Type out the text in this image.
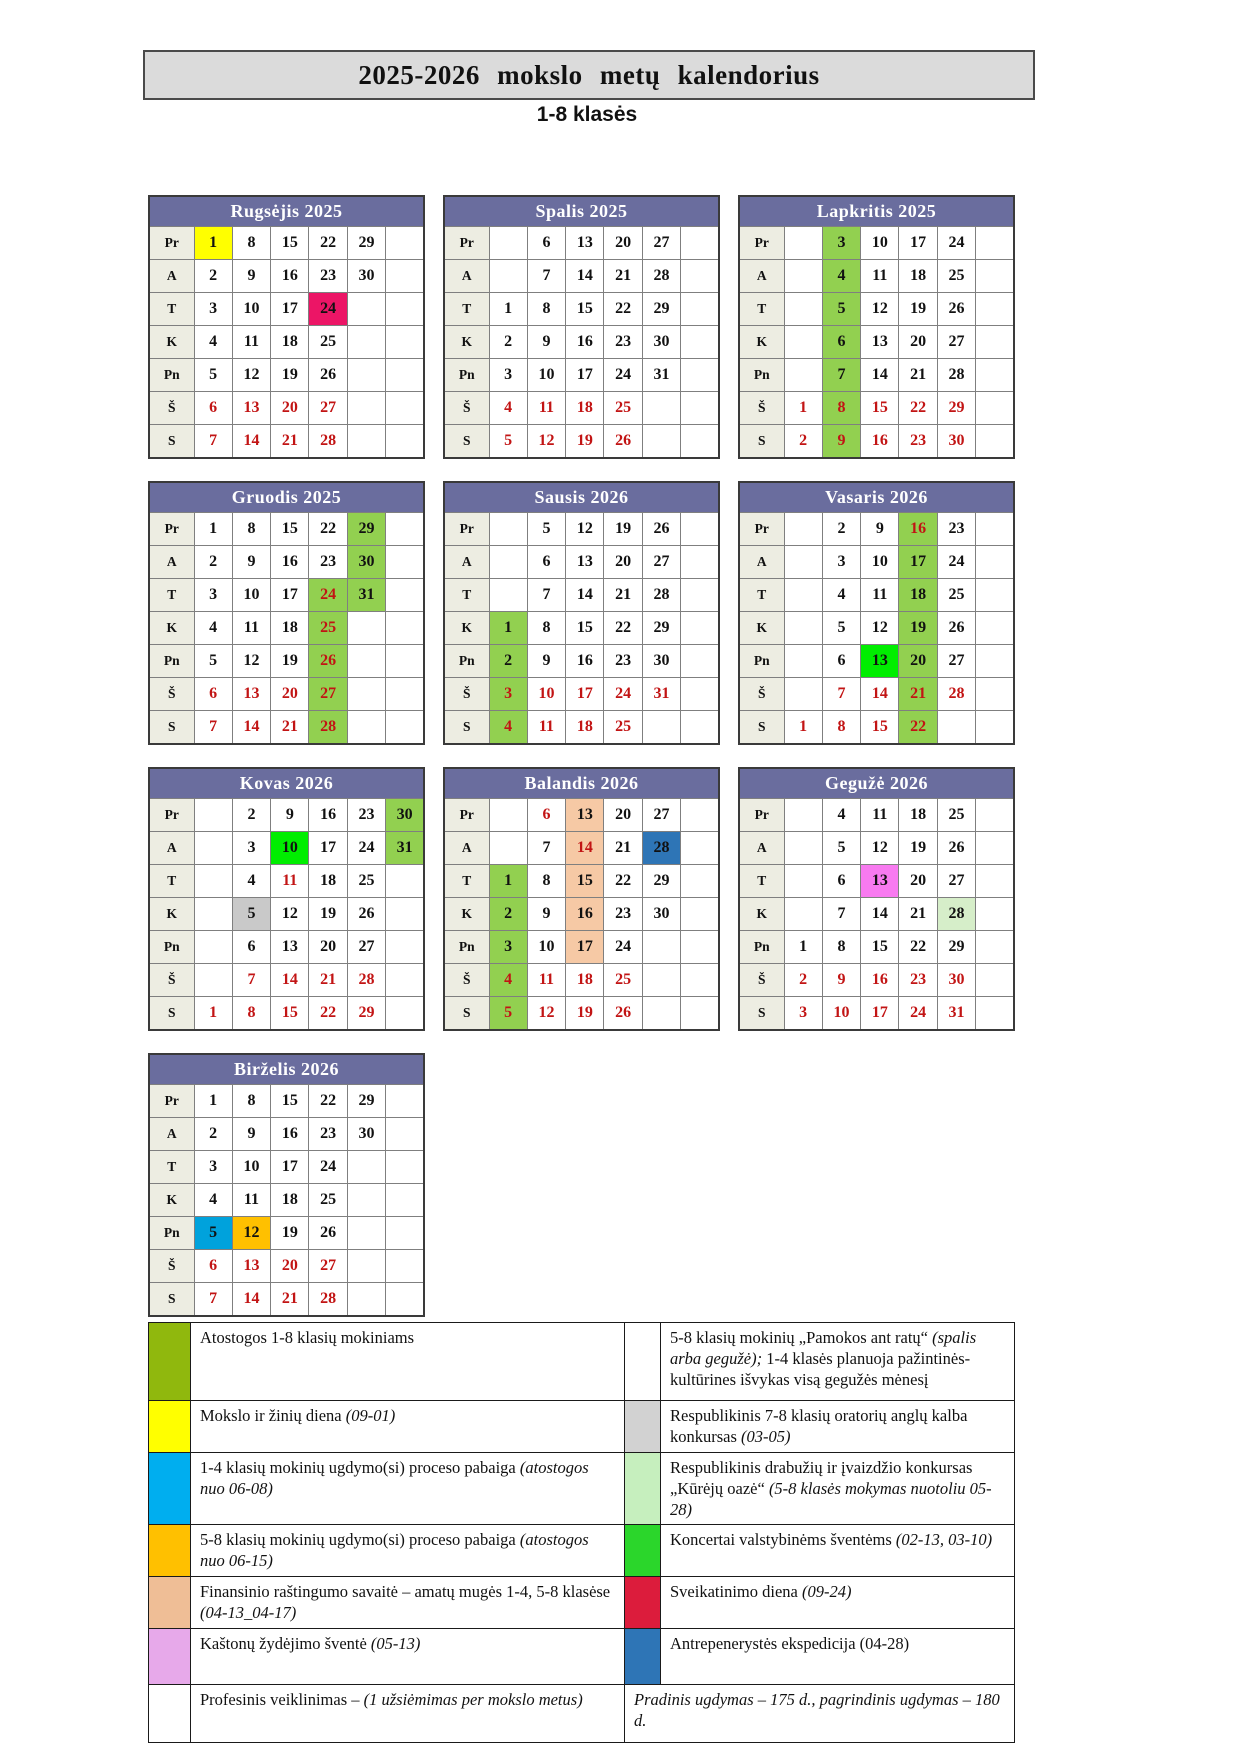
2025-2026 mokslo metų kalendorius
1-8 klasės
Rugsėjis 2025						
Pr	1	8	15	22	29	
A	2	9	16	23	30	
T	3	10	17	24		
K	4	11	18	25		
Pn	5	12	19	26		
Š	6	13	20	27		
S	7	14	21	28		
Spalis 2025						
Pr		6	13	20	27	
A		7	14	21	28	
T	1	8	15	22	29	
K	2	9	16	23	30	
Pn	3	10	17	24	31	
Š	4	11	18	25		
S	5	12	19	26		
Lapkritis 2025						
Pr		3	10	17	24	
A		4	11	18	25	
T		5	12	19	26	
K		6	13	20	27	
Pn		7	14	21	28	
Š	1	8	15	22	29	
S	2	9	16	23	30	
Gruodis 2025						
Pr	1	8	15	22	29	
A	2	9	16	23	30	
T	3	10	17	24	31	
K	4	11	18	25		
Pn	5	12	19	26		
Š	6	13	20	27		
S	7	14	21	28		
Sausis 2026						
Pr		5	12	19	26	
A		6	13	20	27	
T		7	14	21	28	
K	1	8	15	22	29	
Pn	2	9	16	23	30	
Š	3	10	17	24	31	
S	4	11	18	25		
Vasaris 2026						
Pr		2	9	16	23	
A		3	10	17	24	
T		4	11	18	25	
K		5	12	19	26	
Pn		6	13	20	27	
Š		7	14	21	28	
S	1	8	15	22		
Kovas 2026						
Pr		2	9	16	23	30
A		3	10	17	24	31
T		4	11	18	25	
K		5	12	19	26	
Pn		6	13	20	27	
Š		7	14	21	28	
S	1	8	15	22	29	
Balandis 2026						
Pr		6	13	20	27	
A		7	14	21	28	
T	1	8	15	22	29	
K	2	9	16	23	30	
Pn	3	10	17	24		
Š	4	11	18	25		
S	5	12	19	26		
Gegužė 2026						
Pr		4	11	18	25	
A		5	12	19	26	
T		6	13	20	27	
K		7	14	21	28	
Pn	1	8	15	22	29	
Š	2	9	16	23	30	
S	3	10	17	24	31	
Birželis 2026						
Pr	1	8	15	22	29	
A	2	9	16	23	30	
T	3	10	17	24		
K	4	11	18	25		
Pn	5	12	19	26		
Š	6	13	20	27		
S	7	14	21	28		
	Atostogos 1-8 klasių mokiniams		5-8 klasių mokinių „Pamokos ant ratų“ (spalis arba gegužė); 1-4 klasės planuoja pažintinės-kultūrines išvykas visą gegužės mėnesį
	Mokslo ir žinių diena (09-01)		Respublikinis 7-8 klasių oratorių anglų kalba konkursas (03-05)
	1-4 klasių mokinių ugdymo(si) proceso pabaiga (atostogos nuo 06-08)		Respublikinis drabužių ir įvaizdžio konkursas „Kūrėjų oazė“ (5-8 klasės mokymas nuotoliu 05-28)
	5-8 klasių mokinių ugdymo(si) proceso pabaiga (atostogos nuo 06-15)		Koncertai valstybinėms šventėms (02-13, 03-10)
	Finansinio raštingumo savaitė – amatų mugės 1-4, 5-8 klasėse (04-13_04-17)		Sveikatinimo diena (09-24)
	Kaštonų žydėjimo šventė (05-13)		Antrepenerystės ekspedicija (04-28)
	Profesinis veiklinimas – (1 užsiėmimas per mokslo metus)	Pradinis ugdymas – 175 d., pagrindinis ugdymas – 180 d.	
